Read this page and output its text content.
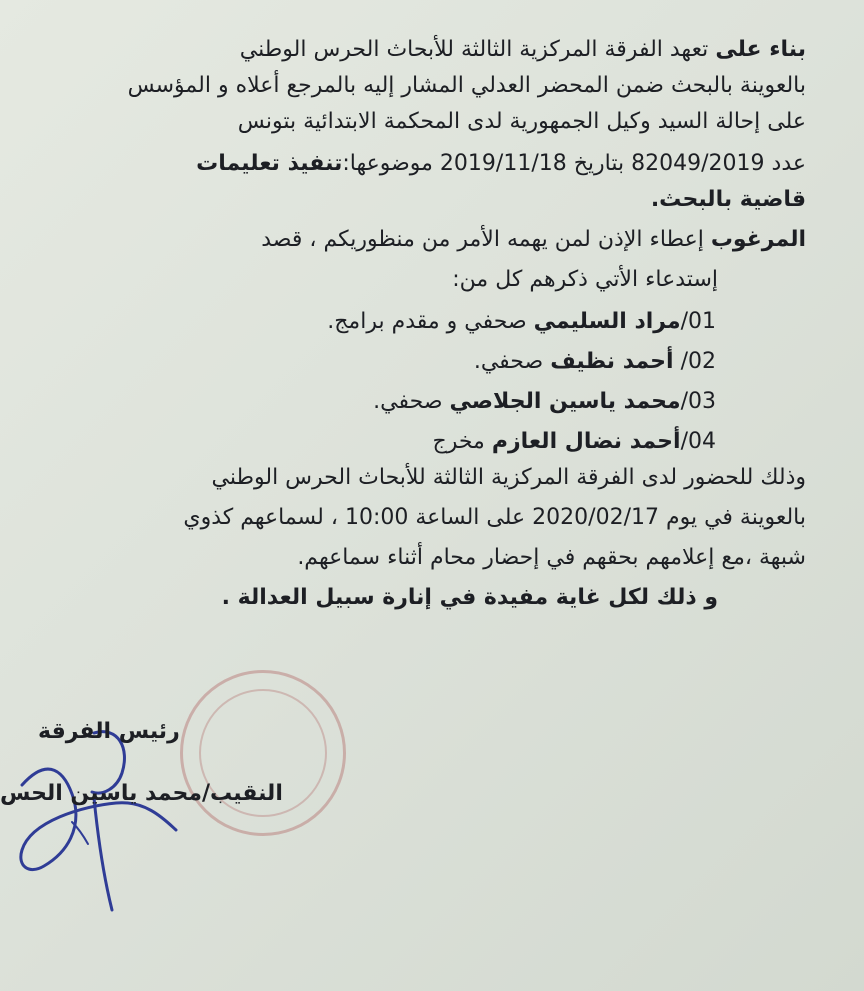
بناء على تعهد الفرقة المركزية الثالثة للأبحاث الحرس الوطني
بالعوينة بالبحث ضمن المحضر العدلي المشار إليه بالمرجع أعلاه و المؤسس
على إحالة السيد وكيل الجمهورية لدى المحكمة الابتدائية بتونس
عدد 82049/2019 بتاريخ 2019/11/18 موضوعها:تنفيذ تعليمات
قاضية بالبحث.
المرغوب إعطاء الإذن لمن يهمه الأمر من منظوريكم ، قصد
إستدعاء الأتي ذكرهم كل من:
01/مراد السليمي صحفي و مقدم برامج.
02/ أحمد نظيف صحفي.
03/محمد ياسين الجلاصي صحفي.
04/أحمد نضال العازم مخرج
وذلك للحضور لدى الفرقة المركزية الثالثة للأبحاث الحرس الوطني
بالعوينة في يوم 2020/02/17 على الساعة 10:00 ، لسماعهم كذوي
شبهة ،مع إعلامهم بحقهم في إحضار محام أثناء سماعهم.
و ذلك لكل غاية مفيدة في إنارة سبيل العدالة .
رئيس الفرقة
النقيب/محمد ياسين الحس
